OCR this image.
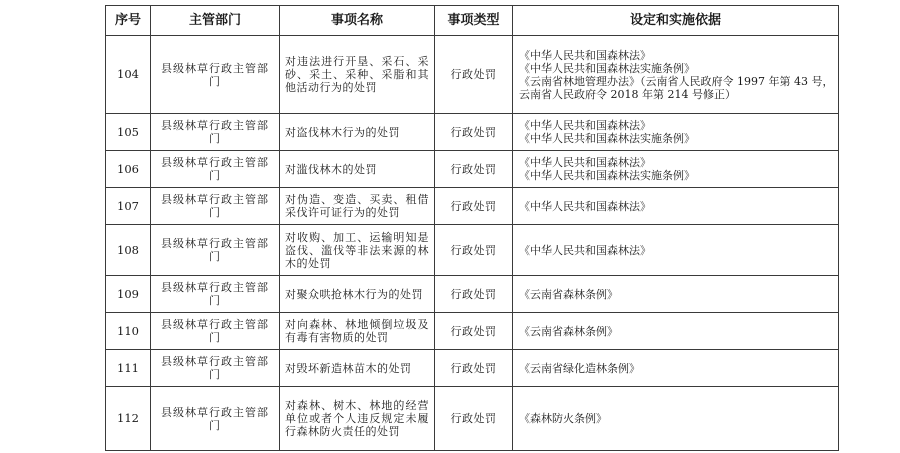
序号	主管部门	事项名称	事项类型	设定和实施依据
104	县级林草行政主管部门	对违法进行开垦、采石、采砂、采土、采种、采脂和其他活动行为的处罚	行政处罚	《中华人民共和国森林法》
《中华人民共和国森林法实施条例》
《云南省林地管理办法》（云南省人民政府令 1997 年第 43 号，云南省人民政府令 2018 年第 214 号修正）

105	县级林草行政主管部门	对盗伐林木行为的处罚	行政处罚	《中华人民共和国森林法》
《中华人民共和国森林法实施条例》

106	县级林草行政主管部门	对滥伐林木的处罚	行政处罚	《中华人民共和国森林法》
《中华人民共和国森林法实施条例》

107	县级林草行政主管部门	对伪造、变造、买卖、租借采伐许可证行为的处罚	行政处罚	《中华人民共和国森林法》

108	县级林草行政主管部门	对收购、加工、运输明知是盗伐、滥伐等非法来源的林木的处罚	行政处罚	《中华人民共和国森林法》

109	县级林草行政主管部门	对聚众哄抢林木行为的处罚	行政处罚	《云南省森林条例》

110	县级林草行政主管部门	对向森林、林地倾倒垃圾及有毒有害物质的处罚	行政处罚	《云南省森林条例》

111	县级林草行政主管部门	对毁坏新造林苗木的处罚	行政处罚	《云南省绿化造林条例》

112	县级林草行政主管部门	对森林、树木、林地的经营单位或者个人违反规定未履行森林防火责任的处罚	行政处罚	《森林防火条例》
